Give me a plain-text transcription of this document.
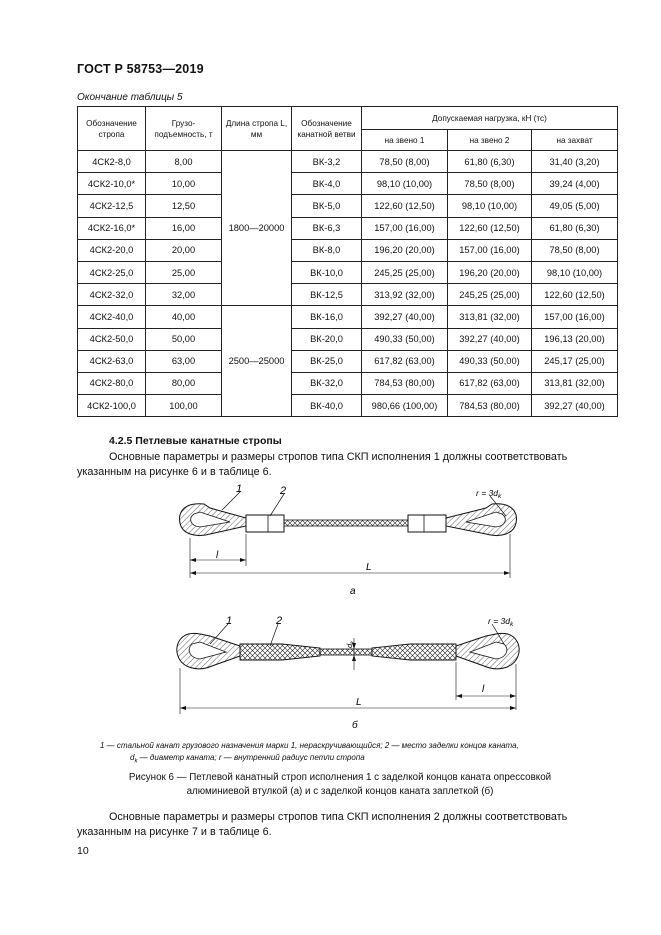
ГОСТ Р 58753—2019
Окончание таблицы 5
Обозначение стропа	Грузо-подъемность, т	Длина стропа L, мм	Обозначение канатной ветви	Допускаемая нагрузка, кН (тс)		
				на звено 1	на звено 2	на захват
4СК2-8,0	8,00	1800—20000	ВК-3,2	78,50 (8,00)	61,80 (6,30)	31,40 (3,20)
4СК2-10,0*	10,00		ВК-4,0	98,10 (10,00)	78,50 (8,00)	39,24 (4,00)
4СК2-12,5	12,50		ВК-5,0	122,60 (12,50)	98,10 (10,00)	49,05 (5,00)
4СК2-16,0*	16,00		ВК-6,3	157,00 (16,00)	122,60 (12,50)	61,80 (6,30)
4СК2-20,0	20,00		ВК-8,0	196,20 (20,00)	157,00 (16,00)	78,50 (8,00)
4СК2-25,0	25,00		ВК-10,0	245,25 (25,00)	196,20 (20,00)	98,10 (10,00)
4СК2-32,0	32,00		ВК-12,5	313,92 (32,00)	245,25 (25,00)	122,60 (12,50)
4СК2-40,0	40,00	2500—25000	ВК-16,0	392,27 (40,00)	313,81 (32,00)	157,00 (16,00)
4СК2-50,0	50,00		ВК-20,0	490,33 (50,00)	392,27 (40,00)	196,13 (20,00)
4СК2-63,0	63,00		ВК-25,0	617,82 (63,00)	490,33 (50,00)	245,17 (25,00)
4СК2-80,0	80,00		ВК-32,0	784,53 (80,00)	617,82 (63,00)	313,81 (32,00)
4СК2-100,0	100,00		ВК-40,0	980,66 (100,00)	784,53 (80,00)	392,27 (40,00)
4.2.5 Петлевые канатные стропы
Основные параметры и размеры стропов типа СКП исполнения 1 должны соответствовать указанным на рисунке 6 и в таблице 6.
1	2	$r = 3d_k$
l
L
а
1	2	$r = 3d_k$
$d_k$
l
L
б
1 — стальной канат грузового назначения марки 1, нераскручивающийся; 2 — место заделки концов каната,
$d_k$ — диаметр каната; r — внутренний радиус петли стропа
Рисунок 6 — Петлевой канатный строп исполнения 1 с заделкой концов каната опрессовкой
алюминиевой втулкой (а) и с заделкой концов каната заплеткой (б)
Основные параметры и размеры стропов типа СКП исполнения 2 должны соответствовать указанным на рисунке 7 и в таблице 6.
10
